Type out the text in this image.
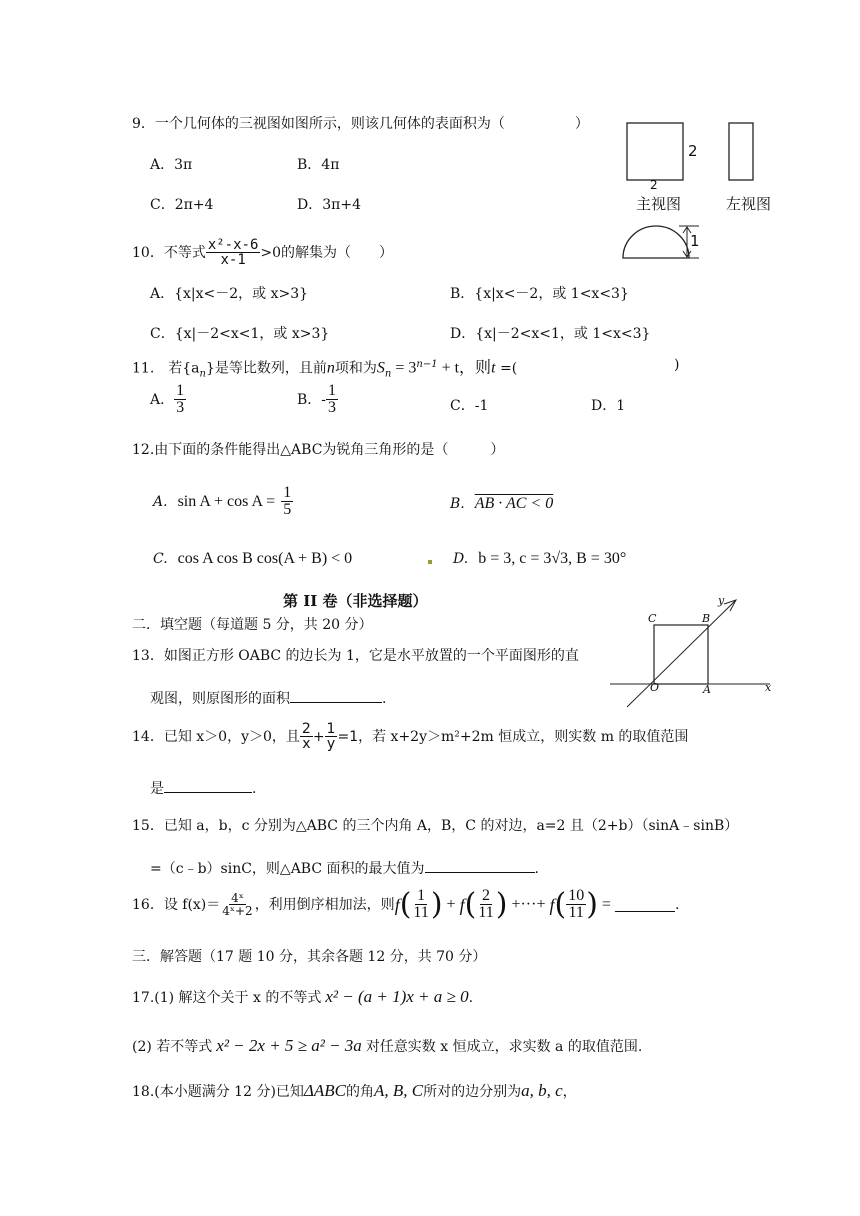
9．一个几何体的三视图如图所示，则该几何体的表面积为（　　　　　）
A．3π	B．4π
C．2π+4	D．3π+4
2
2
主视图	左视图
1
10．不等式 $\frac{\text{x²-x-6}}{x-1} >0$的解集为（　　）
A．{x|x<－2，或 x>3}	B．{x|x<－2，或 1<x<3}
C．{x|－2<x<1，或 x>3}	D．{x|－2<x<1，或 1<x<3}
11.　若$\{a_n\}$是等比数列，且前n项和为$S_n = 3^{n-1} + t$，则t =(	)
A． $\frac{1}{3}$	B．- $\frac{1}{3}$	C．-1	D．1
12.由下面的条件能得出△ABC为锐角三角形的是（　　　）
A. $\sin A + \cos A = \frac{1}{5}$	B. AB · AC < 0
C. cos A cos B cos(A + B) < 0	D. b = 3, c = 3√3, B = 30°
第 II 卷（非选择题）
二．填空题（每道题 5 分，共 20 分）
13．如图正方形 OABC 的边长为 1，它是水平放置的一个平面图形的直
观图，则原图形的面积	.
C	B
y
O	A	x
14．已知 x＞0，y＞0，且 $\frac{2}{x} + \frac{1}{y} =1$ ，若 x+2y＞m²+2m 恒成立，则实数 m 的取值范围
是	.
15．已知 a，b，c 分别为△ABC 的三个内角 A，B，C 的对边，a=2 且（2+b）（sinA﹣sinB）
=（c﹣b）sinC，则△ABC 面积的最大值为	.
16．设 $f(x)= \frac{\text{4ˣ}}{\text{4ˣ+2}}$ ，利用倒序相加法，则 f ( $\frac{1}{11}$ ) + f ( $\frac{2}{11}$ ) +···+ f ( $\frac{10}{11}$ ) =	.
三．解答题（17 题 10 分，其余各题 12 分，共 70 分）
17.(1) 解这个关于 x 的不等式 x² − (a + 1)x + a ≥ 0 .
(2) 若不等式 x² − 2x + 5 ≥ a² − 3a 对任意实数 x 恒成立，求实数 a 的取值范围.
18.(本小题满分 12 分)已知 ΔABC 的角 A, B, C 所对的边分别为 a, b, c ，
